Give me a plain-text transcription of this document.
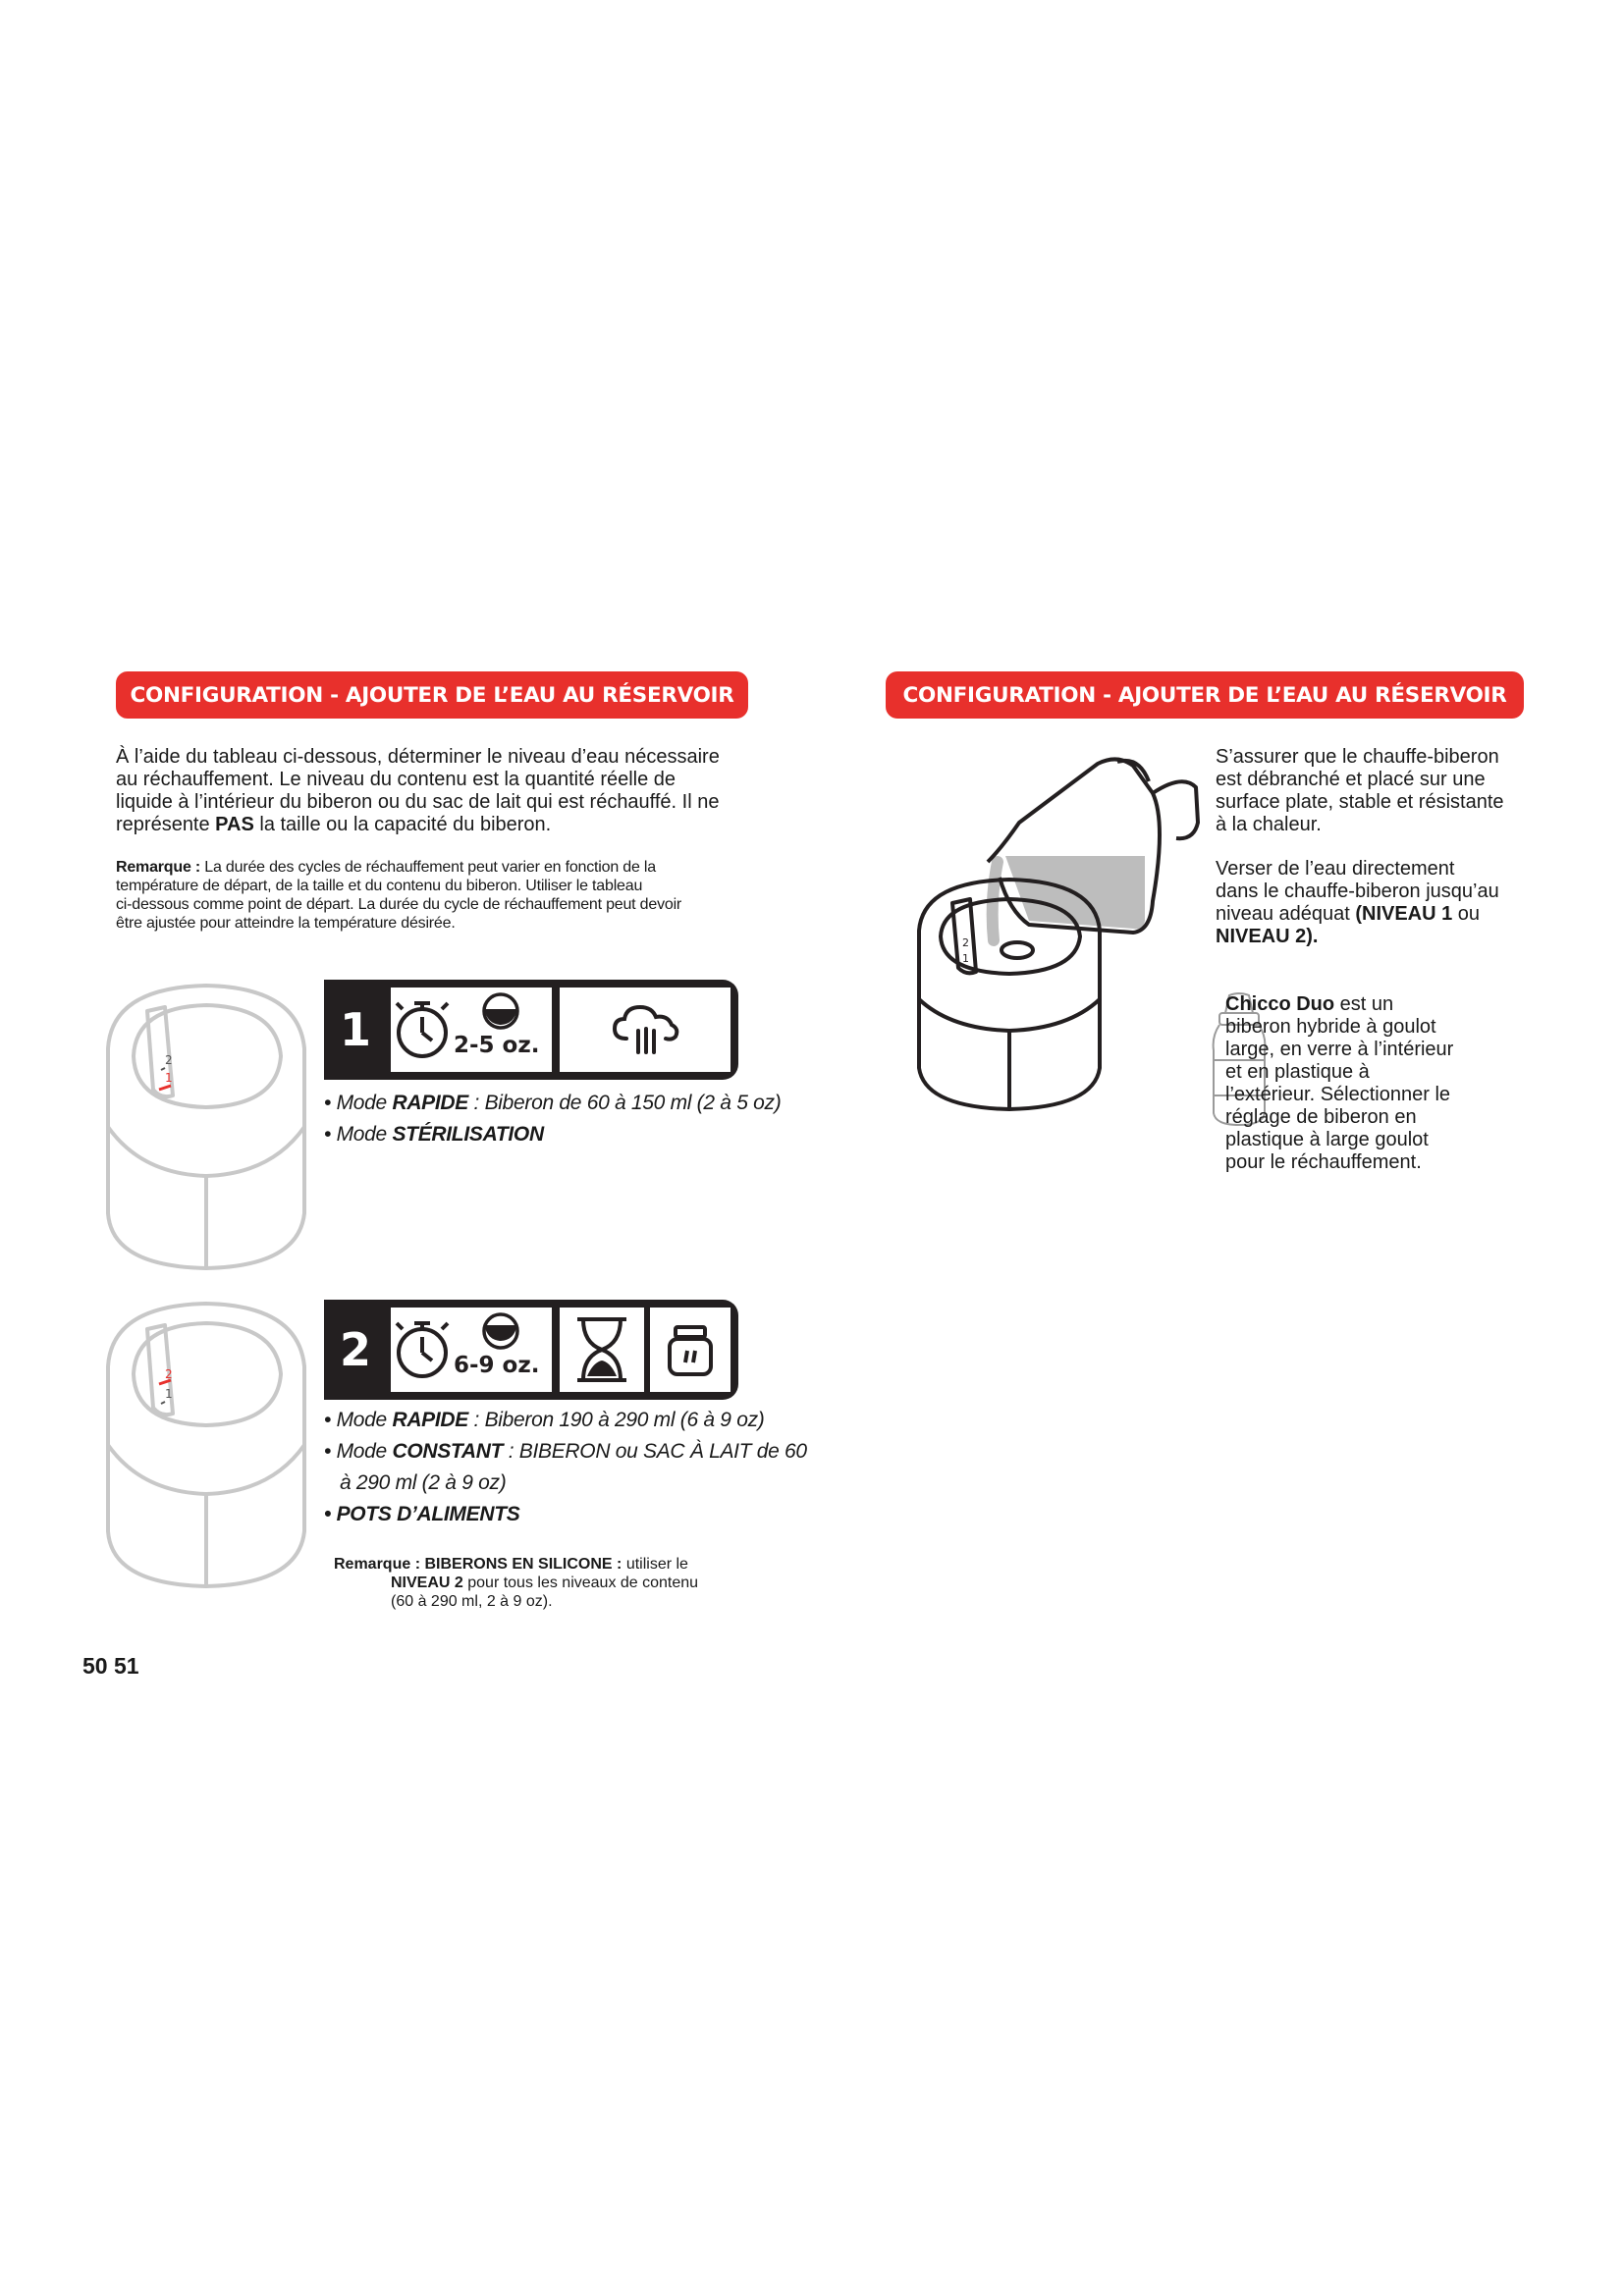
CONFIGURATION - AJOUTER DE L’EAU AU RÉSERVOIR	CONFIGURATION - AJOUTER DE L’EAU AU RÉSERVOIR
À l’aide du tableau ci-dessous, déterminer le niveau d’eau nécessaire
au réchauffement. Le niveau du contenu est la quantité réelle de
liquide à l’intérieur du biberon ou du sac de lait qui est réchauffé. Il ne
représente PAS la taille ou la capacité du biberon.
Remarque : La durée des cycles de réchauffement peut varier en fonction de la
température de départ, de la taille et du contenu du biberon. Utiliser le tableau
ci-dessous comme point de départ. La durée du cycle de réchauffement peut devoir
être ajustée pour atteindre la température désirée.
2
1
1	2-5 oz.
• Mode RAPIDE : Biberon de 60 à 150 ml (2 à 5 oz)
• Mode STÉRILISATION
2
1
2	6-9 oz.
• Mode RAPIDE : Biberon 190 à 290 ml (6 à 9 oz)
• Mode CONSTANT : BIBERON ou SAC À LAIT de 60
à 290 ml (2 à 9 oz)
• POTS D’ALIMENTS
Remarque : BIBERONS EN SILICONE : utiliser le
NIVEAU 2 pour tous les niveaux de contenu
(60 à 290 ml, 2 à 9 oz).
2
1
S’assurer que le chauffe-biberon
est débranché et placé sur une
surface plate, stable et résistante
à la chaleur.
Verser de l’eau directement
dans le chauffe-biberon jusqu’au
niveau adéquat (NIVEAU 1 ou
NIVEAU 2).
Chicco Duo est un
biberon hybride à goulot
large, en verre à l’intérieur
et en plastique à
l’extérieur. Sélectionner le
réglage de biberon en
plastique à large goulot
pour le réchauffement.
50 51
